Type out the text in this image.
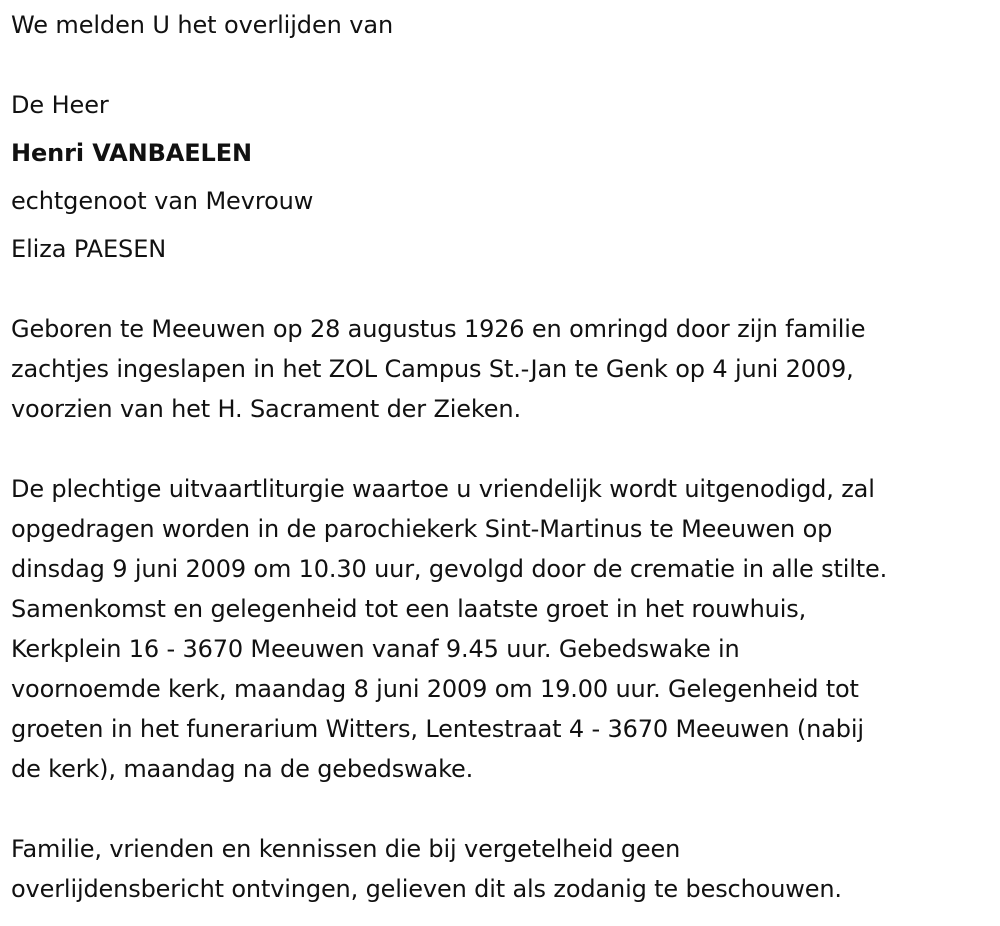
We melden U het overlijden van
De Heer
Henri VANBAELEN
echtgenoot van Mevrouw
Eliza PAESEN
Geboren te Meeuwen op 28 augustus 1926 en omringd door zijn familie
zachtjes ingeslapen in het ZOL Campus St.-Jan te Genk op 4 juni 2009,
voorzien van het H. Sacrament der Zieken.
De plechtige uitvaartliturgie waartoe u vriendelijk wordt uitgenodigd, zal
opgedragen worden in de parochiekerk Sint-Martinus te Meeuwen op
dinsdag 9 juni 2009 om 10.30 uur, gevolgd door de crematie in alle stilte.
Samenkomst en gelegenheid tot een laatste groet in het rouwhuis,
Kerkplein 16 - 3670 Meeuwen vanaf 9.45 uur. Gebedswake in
voornoemde kerk, maandag 8 juni 2009 om 19.00 uur. Gelegenheid tot
groeten in het funerarium Witters, Lentestraat 4 - 3670 Meeuwen (nabij
de kerk), maandag na de gebedswake.
Familie, vrienden en kennissen die bij vergetelheid geen
overlijdensbericht ontvingen, gelieven dit als zodanig te beschouwen.
